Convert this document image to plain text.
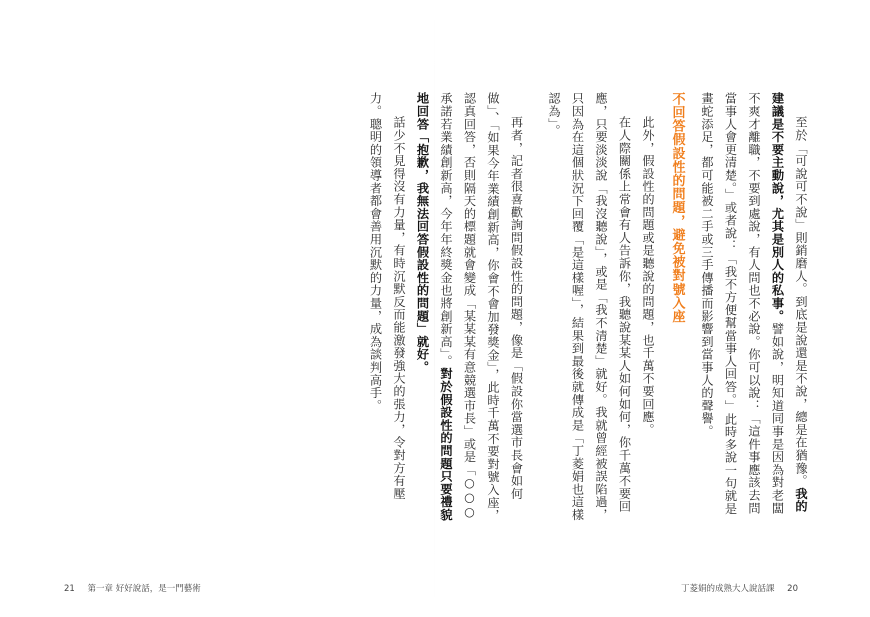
至於「可說可不說」則銷磨人。到底是說還是不說，總是在猶豫。我的建議是不要主動說，尤其是別人的私事。譬如說，明知道同事是因為對老闆不爽才離職，不要到處說，有人問也不必說。你可以說：「這件事應該去問當事人會更清楚。」或者說：「我不方便幫當事人回答。」此時多說一句就是畫蛇添足，都可能被二手或三手傳播而影響到當事人的聲譽。

不回答假設性的問題，避免被對號入座

此外，假設性的問題或是聽說的問題，也千萬不要回應。

在人際關係上常會有人告訴你，我聽說某某人如何如何，你千萬不要回應，只要淡淡說「我沒聽說」，或是「我不清楚」就好。我就曾經被誤陷過，只因為在這個狀況下回覆「是這樣喔」，結果到最後就傳成是「丁菱娟也這樣認為」。

再者，記者很喜歡詢問假設性的問題，像是「假設你當選市長會如何做」、「如果今年業績創新高，你會不會加發獎金」，此時千萬不要對號入座，認真回答，否則隔天的標題就會變成「某某某有意競選市長」或是「○○○承諾若業績創新高，今年年終獎金也將創新高」。對於假設性的問題只要禮貌地回答「抱歉，我無法回答假設性的問題」就好。

話少不見得沒有力量，有時沉默反而能激發強大的張力，令對方有壓力。聰明的領導者都會善用沉默的力量，成為談判高手。

21 第一章 好好說話，是一門藝術	丁菱娟的成熟大人說話課 20
